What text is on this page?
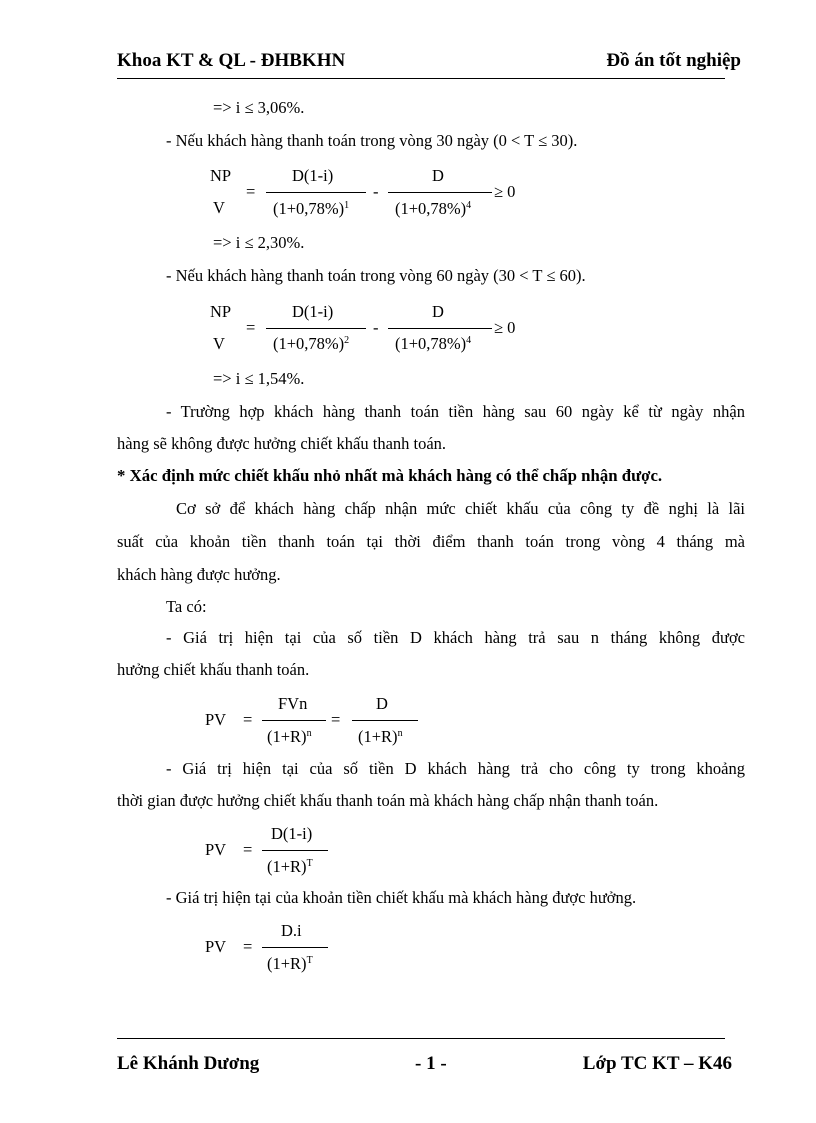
Khoa KT & QL - ĐHBKHN	Đồ án tốt nghiệp
=> i ≤ 3,06%.
- Nếu khách hàng thanh toán trong vòng 30 ngày (0 < T ≤ 30).
NP
V
=
D(1-i)
$(1+0,78\%)^1$
-
D
$(1+0,78\%)^4$
≥ 0
=> i ≤ 2,30%.
- Nếu khách hàng thanh toán trong vòng 60 ngày (30 < T ≤ 60).
NP
V
=
D(1-i)
$(1+0,78\%)^2$
-
D
$(1+0,78\%)^4$
≥ 0
=> i ≤ 1,54%.
- Trường hợp khách hàng thanh toán tiền hàng sau 60 ngày kể từ ngày nhận
hàng sẽ không được hưởng chiết khấu thanh toán.
* Xác định mức chiết khấu nhỏ nhất mà khách hàng có thể chấp nhận được.
Cơ sở để khách hàng chấp nhận mức chiết khấu của công ty đề nghị là lãi
suất của khoản tiền thanh toán tại thời điểm thanh toán trong vòng 4 tháng mà
khách hàng được hưởng.
Ta có:
- Giá trị hiện tại của số tiền D khách hàng trả sau n tháng không được
hưởng chiết khấu thanh toán.
PV =
FVn
$(1+R)^n$
=
D
$(1+R)^n$
- Giá trị hiện tại của số tiền D khách hàng trả cho công ty trong khoảng
thời gian được hưởng chiết khấu thanh toán mà khách hàng chấp nhận thanh toán.
PV =
D(1-i)
$(1+R)^T$
- Giá trị hiện tại của khoản tiền chiết khấu mà khách hàng được hưởng.
PV =
D.i
$(1+R)^T$
Lê Khánh Dương	- 1 -	Lớp TC KT – K46
